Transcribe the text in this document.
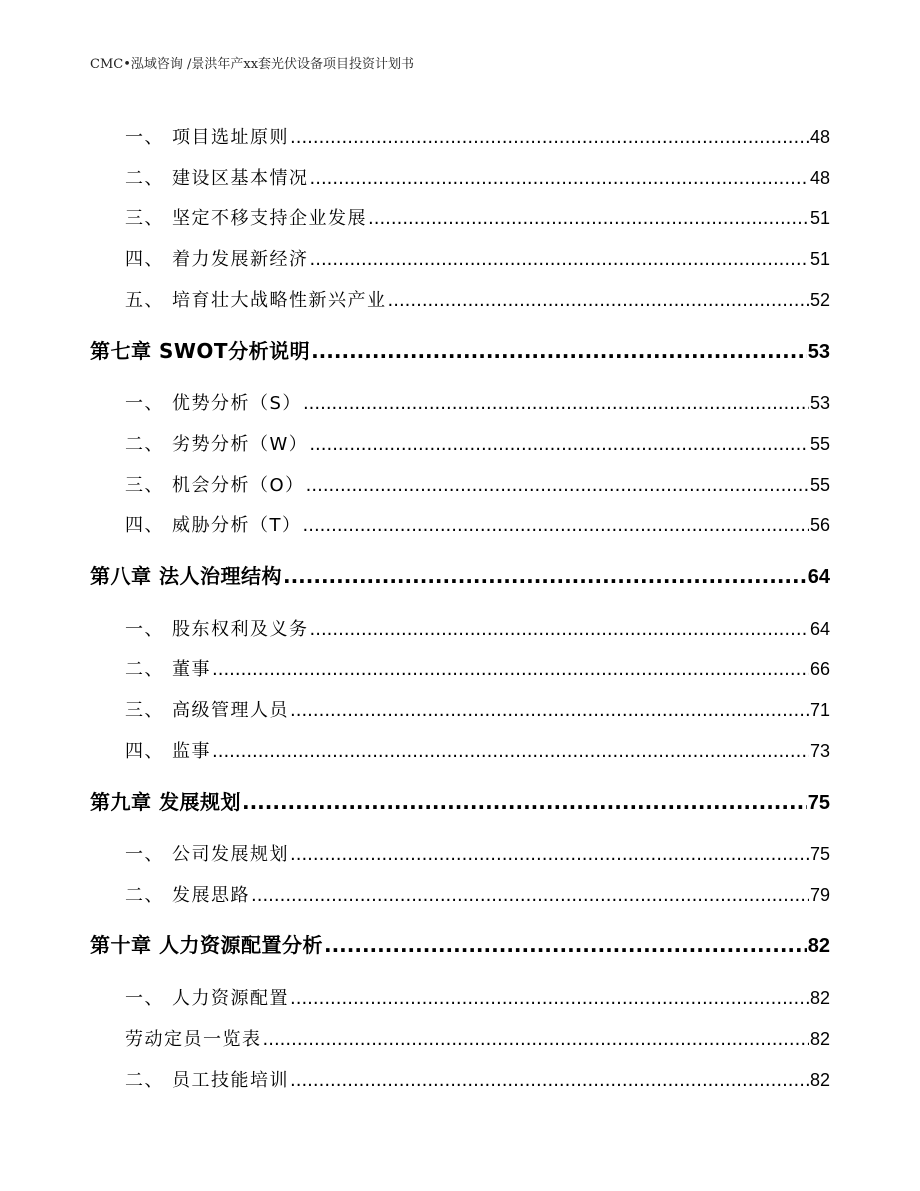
CMC•泓域咨询 /景洪年产xx套光伏设备项目投资计划书
一、 项目选址原则 .....	48
二、 建设区基本情况 .....	48
三、 坚定不移支持企业发展 .....	51
四、 着力发展新经济 .....	51
五、 培育壮大战略性新兴产业 .....	52
第七章 SWOT分析说明 .....	53
一、 优势分析（S） .....	53
二、 劣势分析（W） .....	55
三、 机会分析（O） .....	55
四、 威胁分析（T） .....	56
第八章 法人治理结构 .....	64
一、 股东权利及义务 .....	64
二、 董事 .....	66
三、 高级管理人员 .....	71
四、 监事 .....	73
第九章 发展规划 .....	75
一、 公司发展规划 .....	75
二、 发展思路 .....	79
第十章 人力资源配置分析 .....	82
一、 人力资源配置 .....	82
劳动定员一览表 .....	82
二、 员工技能培训 .....	82
